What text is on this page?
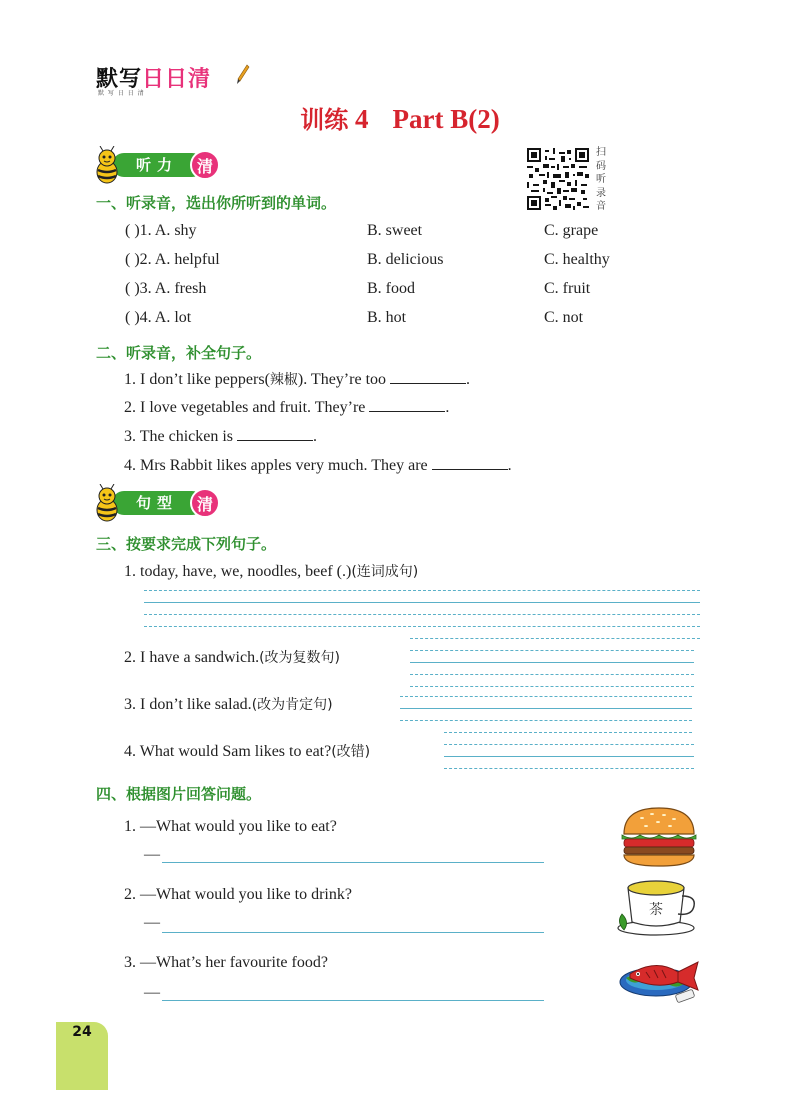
默写日日清
默 写 日 日 清
训练 4 Part B(2)
扫码听录音
听力	清
一、听录音，选出你所听到的单词。
( )1. A. shy	B. sweet	C. grape
( )2. A. helpful	B. delicious	C. healthy
( )3. A. fresh	B. food	C. fruit
( )4. A. lot	B. hot	C. not
二、听录音，补全句子。
1. I don’t like peppers(辣椒). They’re too	.
2. I love vegetables and fruit. They’re	.
3. The chicken is	.
4. Mrs Rabbit likes apples very much. They are	.
句型	清
三、按要求完成下列句子。
1. today, have, we, noodles, beef (.)(连词成句)
2. I have a sandwich.(改为复数句)
3. I don’t like salad.(改为肯定句)
4. What would Sam likes to eat?(改错)
四、根据图片回答问题。
1. —What would you like to eat?
—
2. —What would you like to drink?
—
3. —What’s her favourite food?
—
茶
24
